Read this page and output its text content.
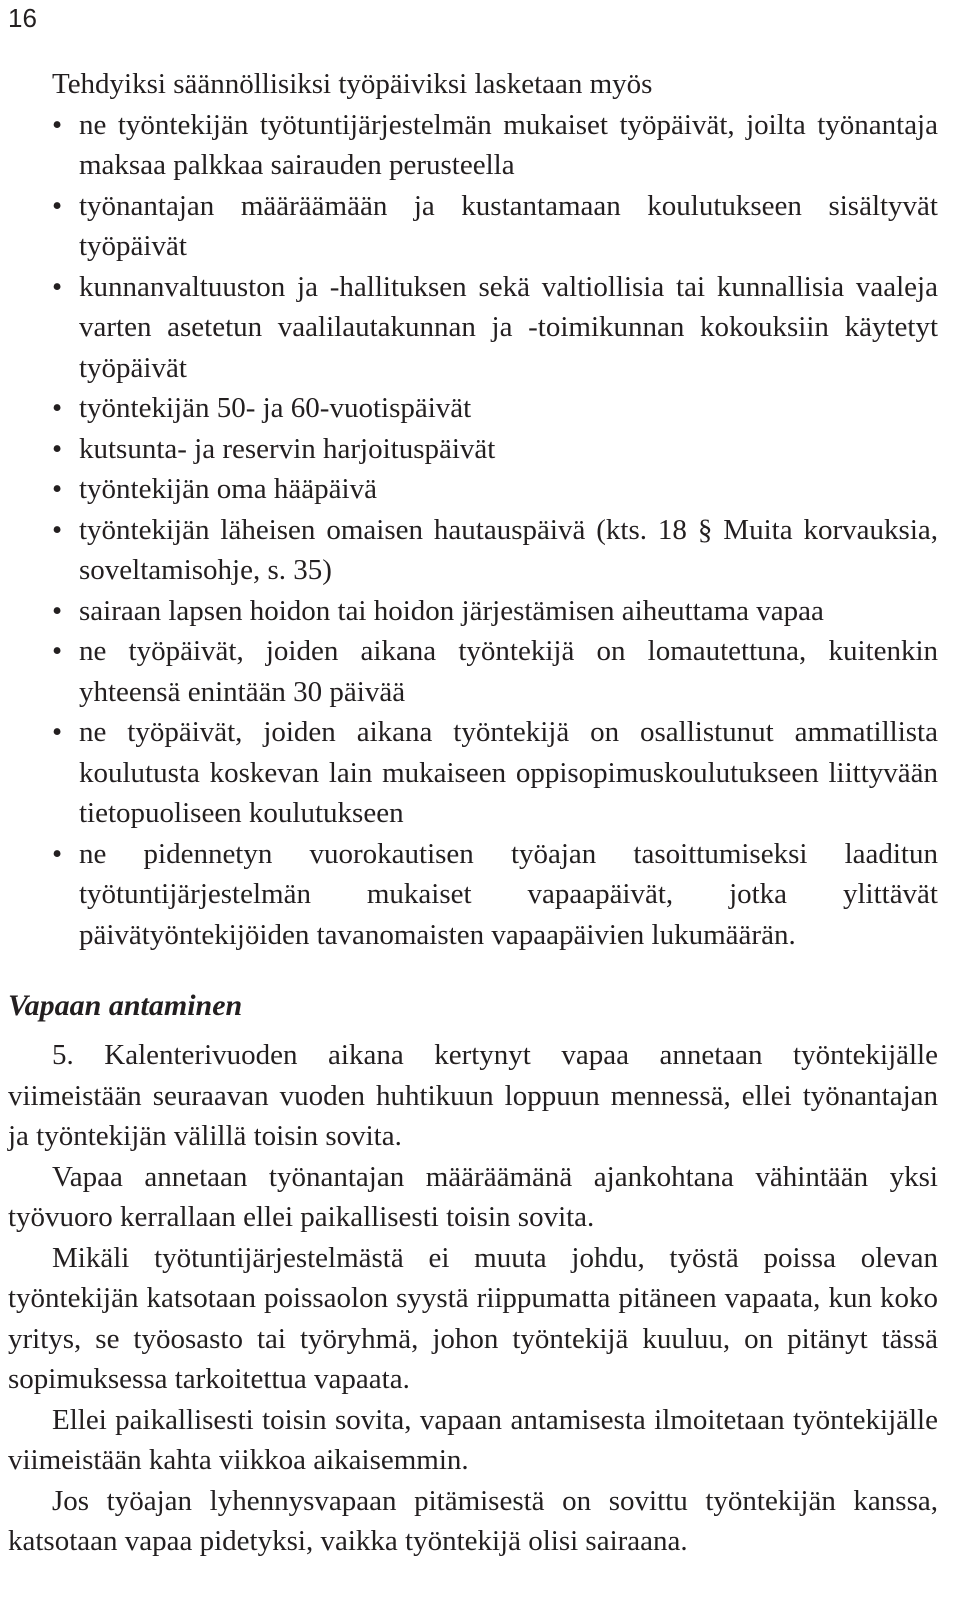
16

Tehdyiksi säännöllisiksi työpäiviksi lasketaan myös

• ne työntekijän työtuntijärjestelmän mukaiset työpäivät, joilta työnantaja maksaa palkkaa sairauden perusteella
• työnantajan määräämään ja kustantamaan koulutukseen sisältyvät työpäivät
• kunnanvaltuuston ja -hallituksen sekä valtiollisia tai kunnallisia vaaleja varten asetetun vaalilautakunnan ja -toimikunnan kokouksiin käytetyt työpäivät
• työntekijän 50- ja 60-vuotispäivät
• kutsunta- ja reservin harjoituspäivät
• työntekijän oma hääpäivä
• työntekijän läheisen omaisen hautauspäivä (kts. 18 § Muita korvauksia, soveltamisohje, s. 35)
• sairaan lapsen hoidon tai hoidon järjestämisen aiheuttama vapaa
• ne työpäivät, joiden aikana työntekijä on lomautettuna, kuitenkin yhteensä enintään 30 päivää
• ne työpäivät, joiden aikana työntekijä on osallistunut ammatillista koulutusta koskevan lain mukaiseen oppisopimuskoulutukseen liittyvään tietopuoliseen koulutukseen
• ne pidennetyn vuorokautisen työajan tasoittumiseksi laaditun työtuntijärjestelmän mukaiset vapaapäivät, jotka ylittävät päivätyöntekijöiden tavanomaisten vapaapäivien lukumäärän.
Vapaan antaminen

5. Kalenterivuoden aikana kertynyt vapaa annetaan työntekijälle viimeistään seuraavan vuoden huhtikuun loppuun mennessä, ellei työnantajan ja työntekijän välillä toisin sovita.

Vapaa annetaan työnantajan määräämänä ajankohtana vähintään yksi työvuoro kerrallaan ellei paikallisesti toisin sovita.

Mikäli työtuntijärjestelmästä ei muuta johdu, työstä poissa olevan työntekijän katsotaan poissaolon syystä riippumatta pitäneen vapaata, kun koko yritys, se työosasto tai työryhmä, johon työntekijä kuuluu, on pitänyt tässä sopimuksessa tarkoitettua vapaata.

Ellei paikallisesti toisin sovita, vapaan antamisesta ilmoitetaan työntekijälle viimeistään kahta viikkoa aikaisemmin.

Jos työajan lyhennysvapaan pitämisestä on sovittu työntekijän kanssa, katsotaan vapaa pidetyksi, vaikka työntekijä olisi sairaana.
